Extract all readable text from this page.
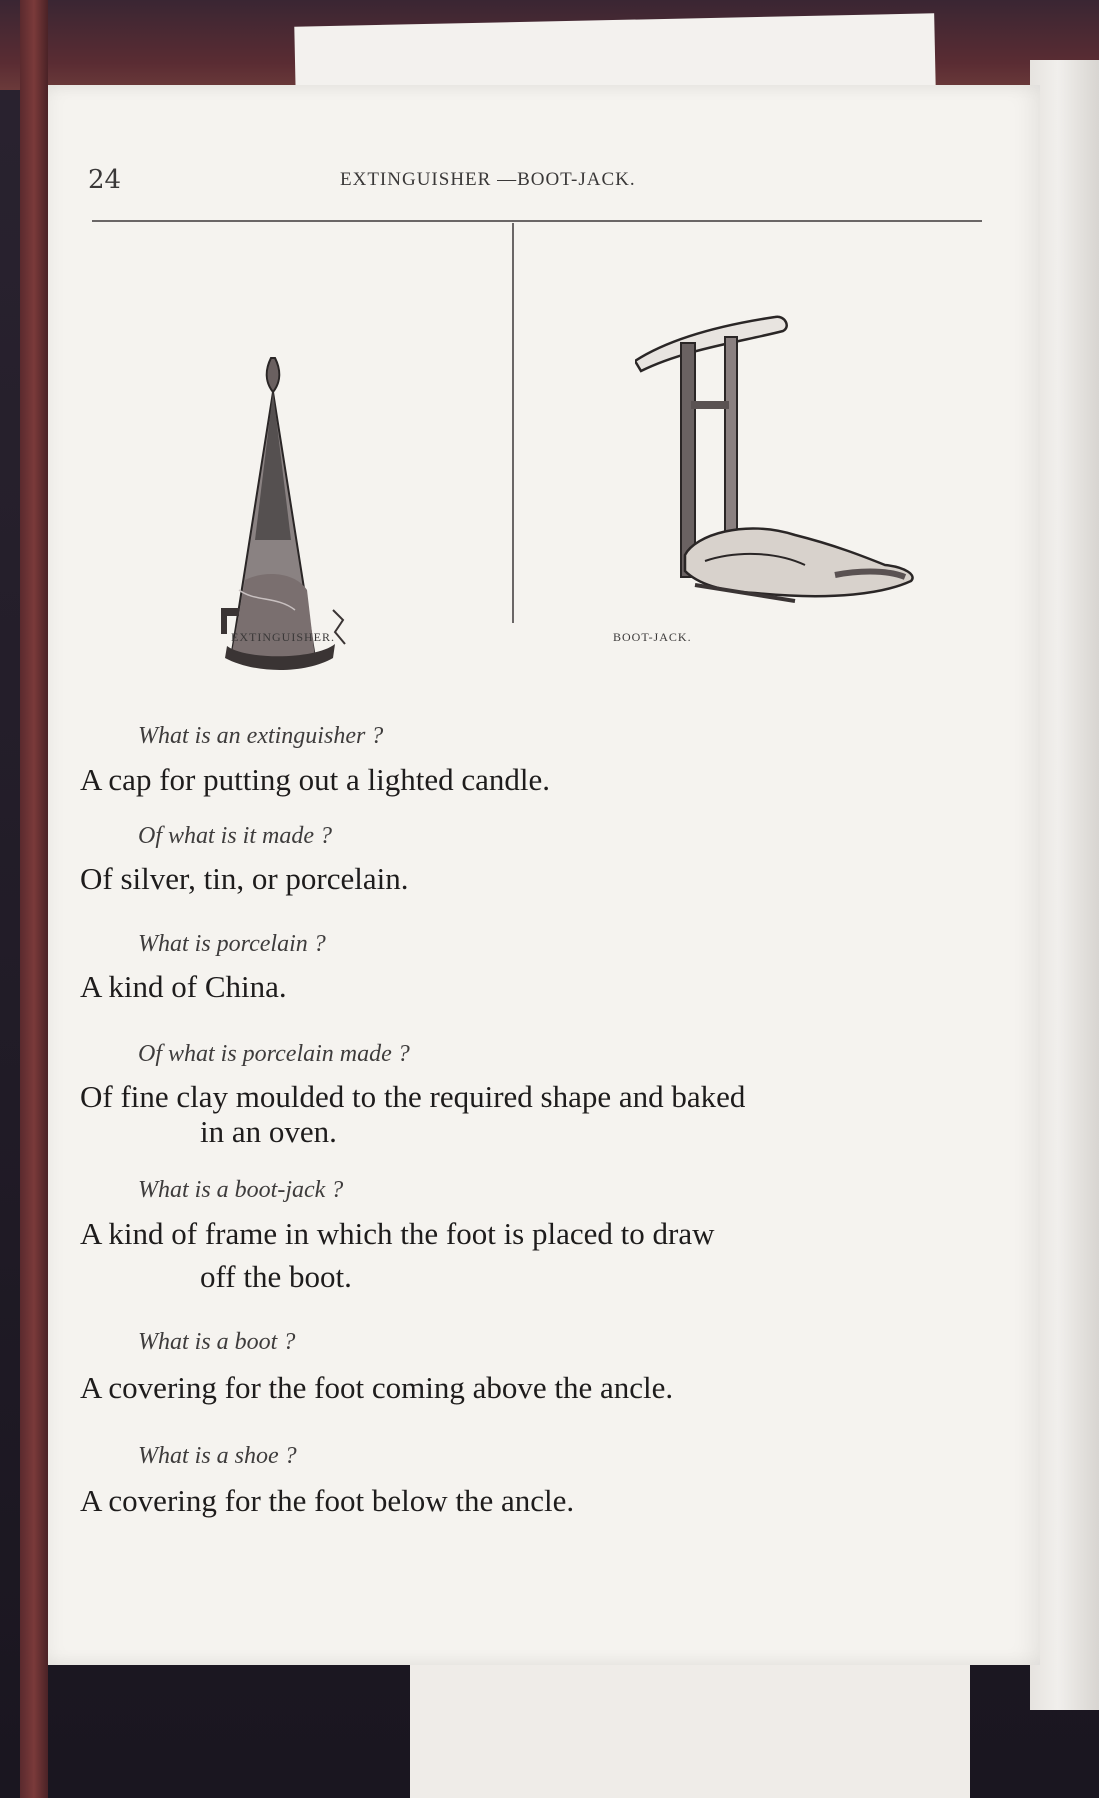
24	EXTINGUISHER —BOOT-JACK.
EXTINGUISHER.	BOOT-JACK.
What is an extinguisher ?
A cap for putting out a lighted candle.
Of what is it made ?
Of silver, tin, or porcelain.
What is porcelain ?
A kind of China.
Of what is porcelain made ?
Of fine clay moulded to the required shape and baked
in an oven.
What is a boot-jack ?
A kind of frame in which the foot is placed to draw
off the boot.
What is a boot ?
A covering for the foot coming above the ancle.
What is a shoe ?
A covering for the foot below the ancle.
